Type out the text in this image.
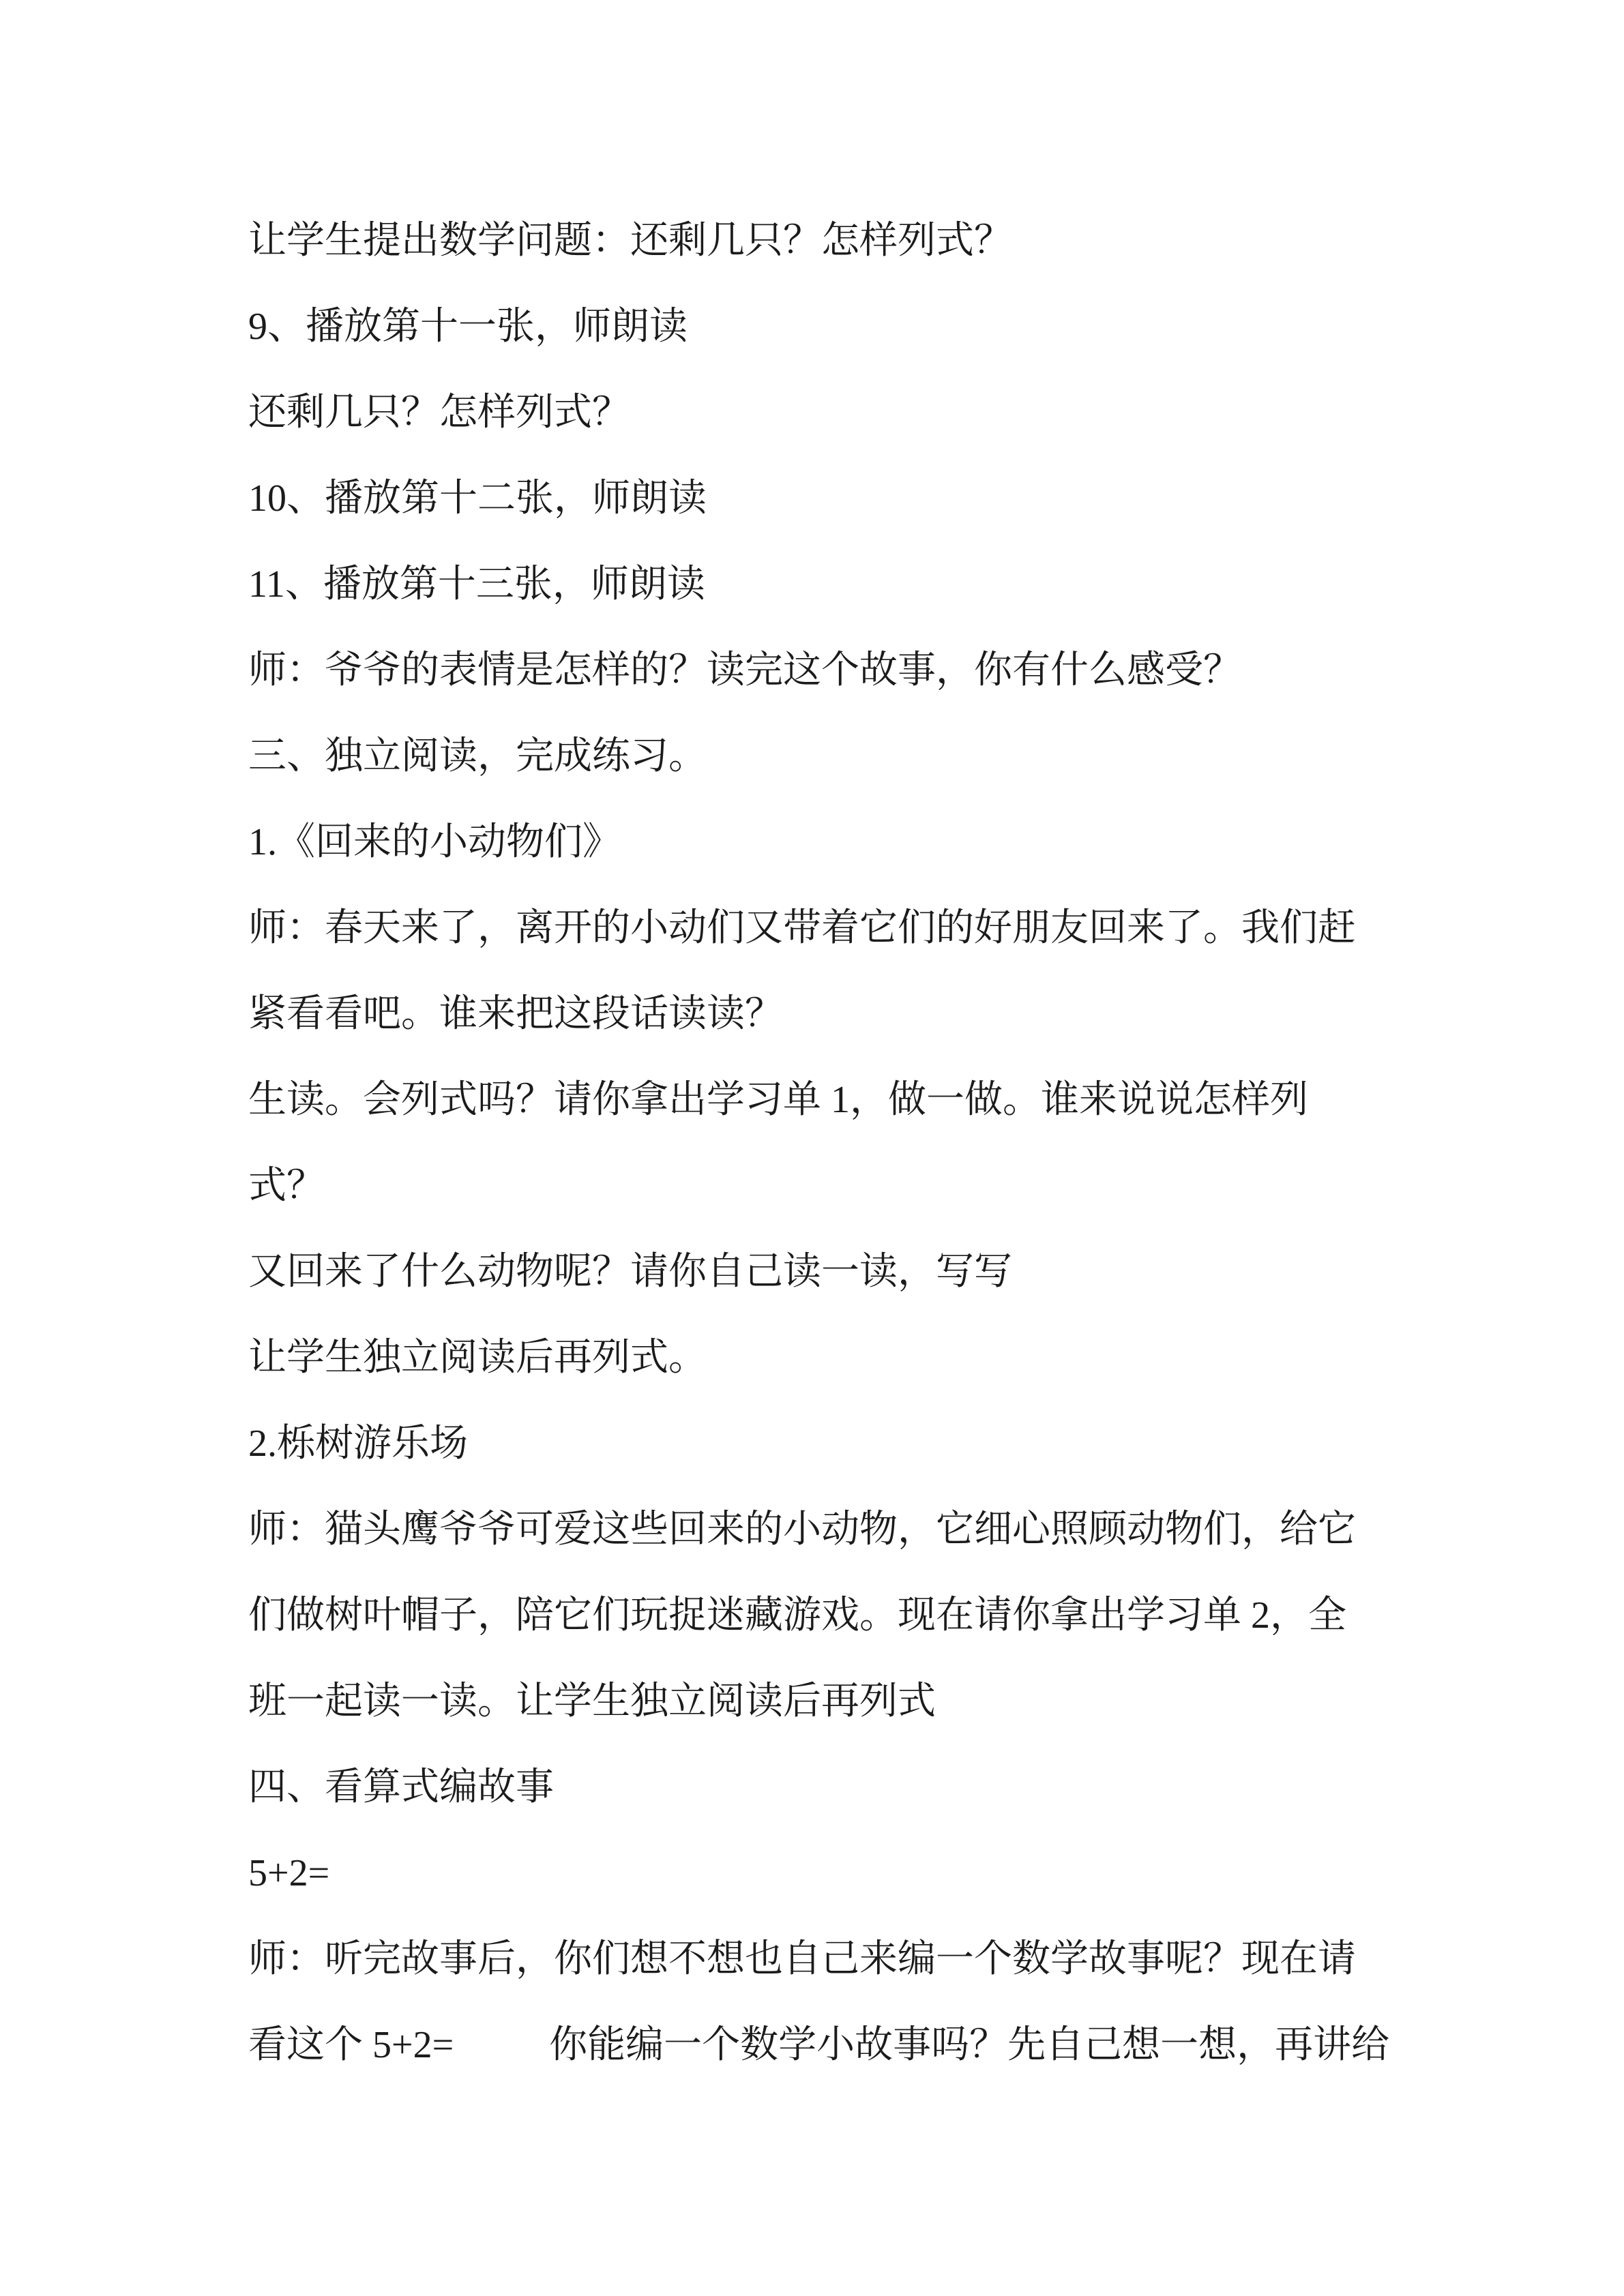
让学生提出数学问题：还剩几只？怎样列式？

9、播放第十一张，师朗读

还剩几只？怎样列式？

10、播放第十二张，师朗读

11、播放第十三张，师朗读

师：爷爷的表情是怎样的？读完这个故事，你有什么感受？

三、独立阅读，完成练习。

1.《回来的小动物们》

师：春天来了，离开的小动们又带着它们的好朋友回来了。我们赶

紧看看吧。谁来把这段话读读？

生读。会列式吗？请你拿出学习单 1，做一做。谁来说说怎样列

式？

又回来了什么动物呢？请你自己读一读，写写

让学生独立阅读后再列式。

2.栎树游乐场

师：猫头鹰爷爷可爱这些回来的小动物，它细心照顾动物们，给它

们做树叶帽子，陪它们玩捉迷藏游戏。现在请你拿出学习单 2，全

班一起读一读。让学生独立阅读后再列式

四、看算式编故事

5+2=

师：听完故事后，你们想不想也自己来编一个数学故事呢？现在请

看这个 5+2=	你能编一个数学小故事吗？先自己想一想，再讲给
